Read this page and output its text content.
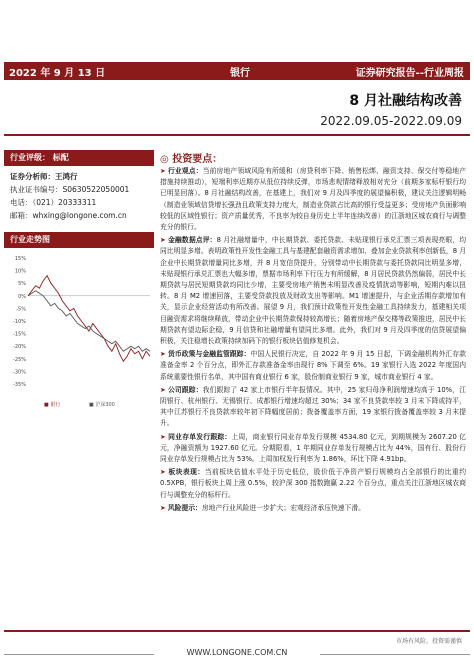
2022 年 9 月 13 日	银行	证券研究报告--行业周报
8 月社融结构改善
2022.09.05-2022.09.09
行业评级： 标配
证券分析师：王鸿行
执业证书编号：S0630522050001
电话：（021）20333311
邮箱：whxing@longone.com.cn
行业走势图
15%
10%
5%
0%
-5%
-10%
-15%
-20%
-25%
-30%
-35%
■ 银行	■ 沪深300
◎ 投资要点：
➤ 行业观点：当前房地产领域风险有所缓和（房贷利率下降、销售松绑、融资支持、保交付等稳地产措施持续推动），短端利率近期亦从低位持续反弹，市场悲观情绪释放相对充分（前期多家标杆银行均已明显回落）。8 月社融结构改善，在基建上，我们对 9 月及四季度的展望偏积极，建议关注逻辑明畅（制造业领域信贷增长强劲且政策支持力度大，制造业贷款占比高的银行受益更多；受房地产负面影响较低的区域性银行；资产质量优秀，不良率为较自身历史上半年连续改善）的江浙地区城农商行与调整充分的银行。
➤ 金融数据点评：8 月社融增量中，中长期贷款、委托贷款、未贴现银行承兑汇票三项表现亮眼，均同比明显多增。表明政策性开发性金融工具与基建配套融资需求增加、叠加企业贷款利率创新低，8 月企业中长期贷款增量同比多增，并 8 月宽信贷提升，分别带动中长期贷款与委托贷款同比明显多增，未贴现银行承兑汇票也大幅多增，票据市场利率下行压力有所缓解，8 月居民贷款仍然偏弱，居民中长期贷款与居民短期贷款均同比少增，主要受房地产销售未明显改善及疫情扰动等影响，短期内难以扭转。8 月 M2 增速回落，主要受贷款投放及财政支出等影响。M1 增速提升，与企业活期存款增加有关，显示企业经营活动有所改善。展望 9 月，我们预计政策性开发性金融工具持续发力，基建相关项目融资需求将继续释放，带动企业中长期贷款保持较高增长；随着房地产保交楼等政策推进，居民中长期贷款有望边际企稳，9 月信贷和社融增量有望同比多增。此外，我们对 9 月及四季度的信贷展望偏积极，关注稳增长政策持续加码下的银行板块估值修复机会。
➤ 货币政策与金融监管跟踪：中国人民银行决定，自 2022 年 9 月 15 日起，下调金融机构外汇存款准备金率 2 个百分点，即外汇存款准备金率由现行 8% 下调至 6%。19 家银行入选 2022 年度国内系统重要性银行名单，其中国有商业银行 6 家，股份制商业银行 9 家，城市商业银行 4 家。
➤ 公司跟踪：我们跟踪了 42 家上市银行半年报情况。其中，25 家归母净利润增速均高于 10%，江阴银行、杭州银行、无锡银行、成都银行增速均超过 30%；34 家不良贷款率较 3 月末下降或持平，其中江苏银行不良贷款率较年初下降幅度居前；拨备覆盖率方面，19 家银行拨备覆盖率较 3 月末提升。
➤ 同业存单发行跟踪：上周，商业银行同业存单发行规模 4534.80 亿元，到期规模为 2607.20 亿元，净融资额为 1927.60 亿元。分期限看，1 年期同业存单发行规模占比为 44%，国有行、股份行同业存单发行规模占比为 53%。上周加权发行利率为 1.86%，环比下降 4.91bp。
➤ 板块表现：当前板块估值水平处于历史低位，股价低于净资产银行规模均占全部银行的比重约 0.5XPB，银行板块上周上涨 0.5%，较沪深 300 指数跑赢 2.22 个百分点，重点关注江浙地区城农商行与调整充分的标杆行。
➤ 风险提示：房地产行业风险进一步扩大；宏观经济承压快速下滑。
市场有风险，投资需谨慎
WWW.LONGONE.COM.CN
